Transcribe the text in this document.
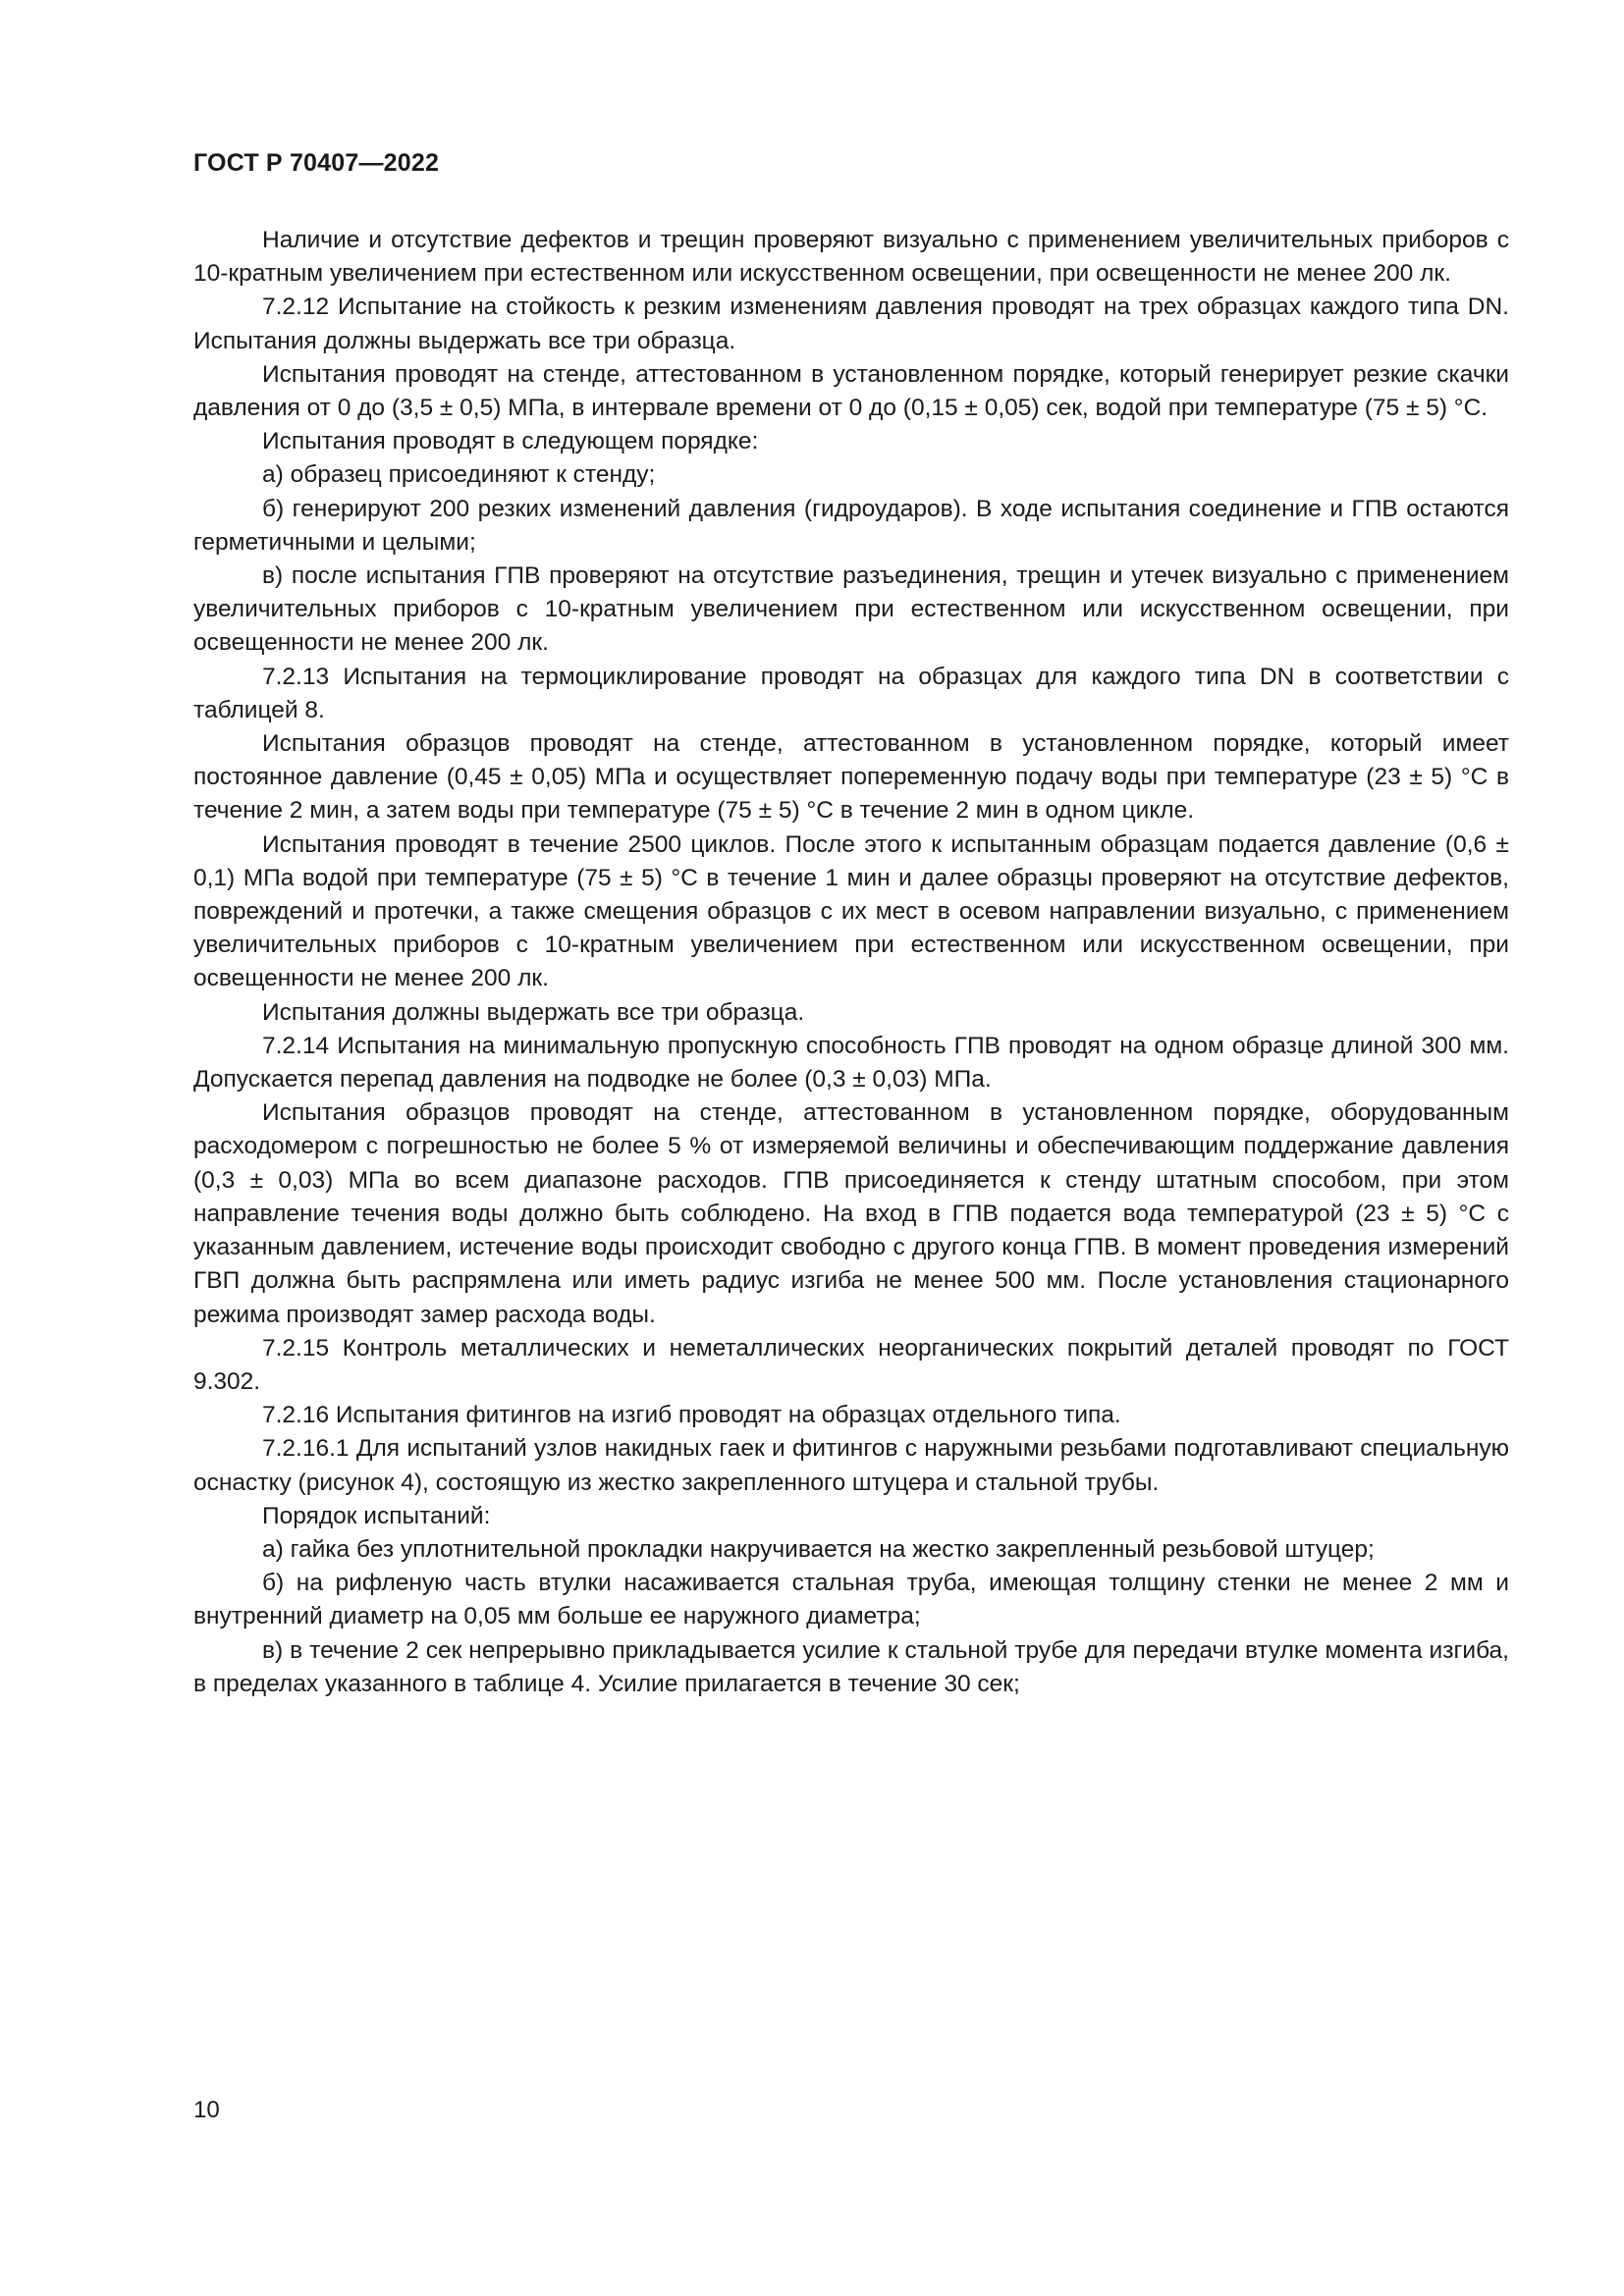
ГОСТ Р 70407—2022

Наличие и отсутствие дефектов и трещин проверяют визуально с применением увеличительных приборов с 10-кратным увеличением при естественном или искусственном освещении, при освещенности не менее 200 лк.

7.2.12 Испытание на стойкость к резким изменениям давления проводят на трех образцах каждого типа DN. Испытания должны выдержать все три образца.

Испытания проводят на стенде, аттестованном в установленном порядке, который генерирует резкие скачки давления от 0 до (3,5 ± 0,5) МПа, в интервале времени от 0 до (0,15 ± 0,05) сек, водой при температуре (75 ± 5) °С.

Испытания проводят в следующем порядке:

а) образец присоединяют к стенду;

б) генерируют 200 резких изменений давления (гидроударов). В ходе испытания соединение и ГПВ остаются герметичными и целыми;

в) после испытания ГПВ проверяют на отсутствие разъединения, трещин и утечек визуально с применением увеличительных приборов с 10-кратным увеличением при естественном или искусственном освещении, при освещенности не менее 200 лк.

7.2.13 Испытания на термоциклирование проводят на образцах для каждого типа DN в соответствии с таблицей 8.

Испытания образцов проводят на стенде, аттестованном в установленном порядке, который имеет постоянное давление (0,45 ± 0,05) МПа и осуществляет попеременную подачу воды при температуре (23 ± 5) °С в течение 2 мин, а затем воды при температуре (75 ± 5) °С в течение 2 мин в одном цикле.

Испытания проводят в течение 2500 циклов. После этого к испытанным образцам подается давление (0,6 ± 0,1) МПа водой при температуре (75 ± 5) °С в течение 1 мин и далее образцы проверяют на отсутствие дефектов, повреждений и протечки, а также смещения образцов с их мест в осевом направлении визуально, с применением увеличительных приборов с 10-кратным увеличением при естественном или искусственном освещении, при освещенности не менее 200 лк.

Испытания должны выдержать все три образца.

7.2.14 Испытания на минимальную пропускную способность ГПВ проводят на одном образце длиной 300 мм. Допускается перепад давления на подводке не более (0,3 ± 0,03) МПа.

Испытания образцов проводят на стенде, аттестованном в установленном порядке, оборудованным расходомером с погрешностью не более 5 % от измеряемой величины и обеспечивающим поддержание давления (0,3 ± 0,03) МПа во всем диапазоне расходов. ГПВ присоединяется к стенду штатным способом, при этом направление течения воды должно быть соблюдено. На вход в ГПВ подается вода температурой (23 ± 5) °С с указанным давлением, истечение воды происходит свободно с другого конца ГПВ. В момент проведения измерений ГВП должна быть распрямлена или иметь радиус изгиба не менее 500 мм. После установления стационарного режима производят замер расхода воды.

7.2.15 Контроль металлических и неметаллических неорганических покрытий деталей проводят по ГОСТ 9.302.

7.2.16 Испытания фитингов на изгиб проводят на образцах отдельного типа.

7.2.16.1 Для испытаний узлов накидных гаек и фитингов с наружными резьбами подготавливают специальную оснастку (рисунок 4), состоящую из жестко закрепленного штуцера и стальной трубы.

Порядок испытаний:

а) гайка без уплотнительной прокладки накручивается на жестко закрепленный резьбовой штуцер;

б) на рифленую часть втулки насаживается стальная труба, имеющая толщину стенки не менее 2 мм и внутренний диаметр на 0,05 мм больше ее наружного диаметра;

в) в течение 2 сек непрерывно прикладывается усилие к стальной трубе для передачи втулке момента изгиба, в пределах указанного в таблице 4. Усилие прилагается в течение 30 сек;

10
